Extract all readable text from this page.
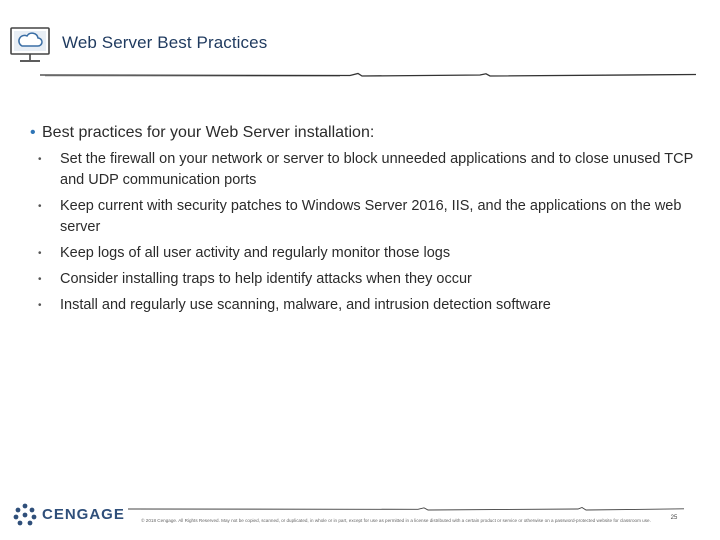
Web Server Best Practices
• Best practices for your Web Server installation:
•	Set the firewall on your network or server to block unneeded applications and to close unused TCP and UDP communication ports
•	Keep current with security patches to Windows Server 2016, IIS, and the applications on the web server
•	Keep logs of all user activity and regularly monitor those logs
•	Consider installing traps to help identify attacks when they occur
•	Install and regularly use scanning, malware, and intrusion detection software
CENGAGE	© 2018 Cengage. All Rights Reserved. May not be copied, scanned, or duplicated, in whole or in part, except for use as permitted in a license distributed with a certain product or service or otherwise on a password-protected website for classroom use.	25
